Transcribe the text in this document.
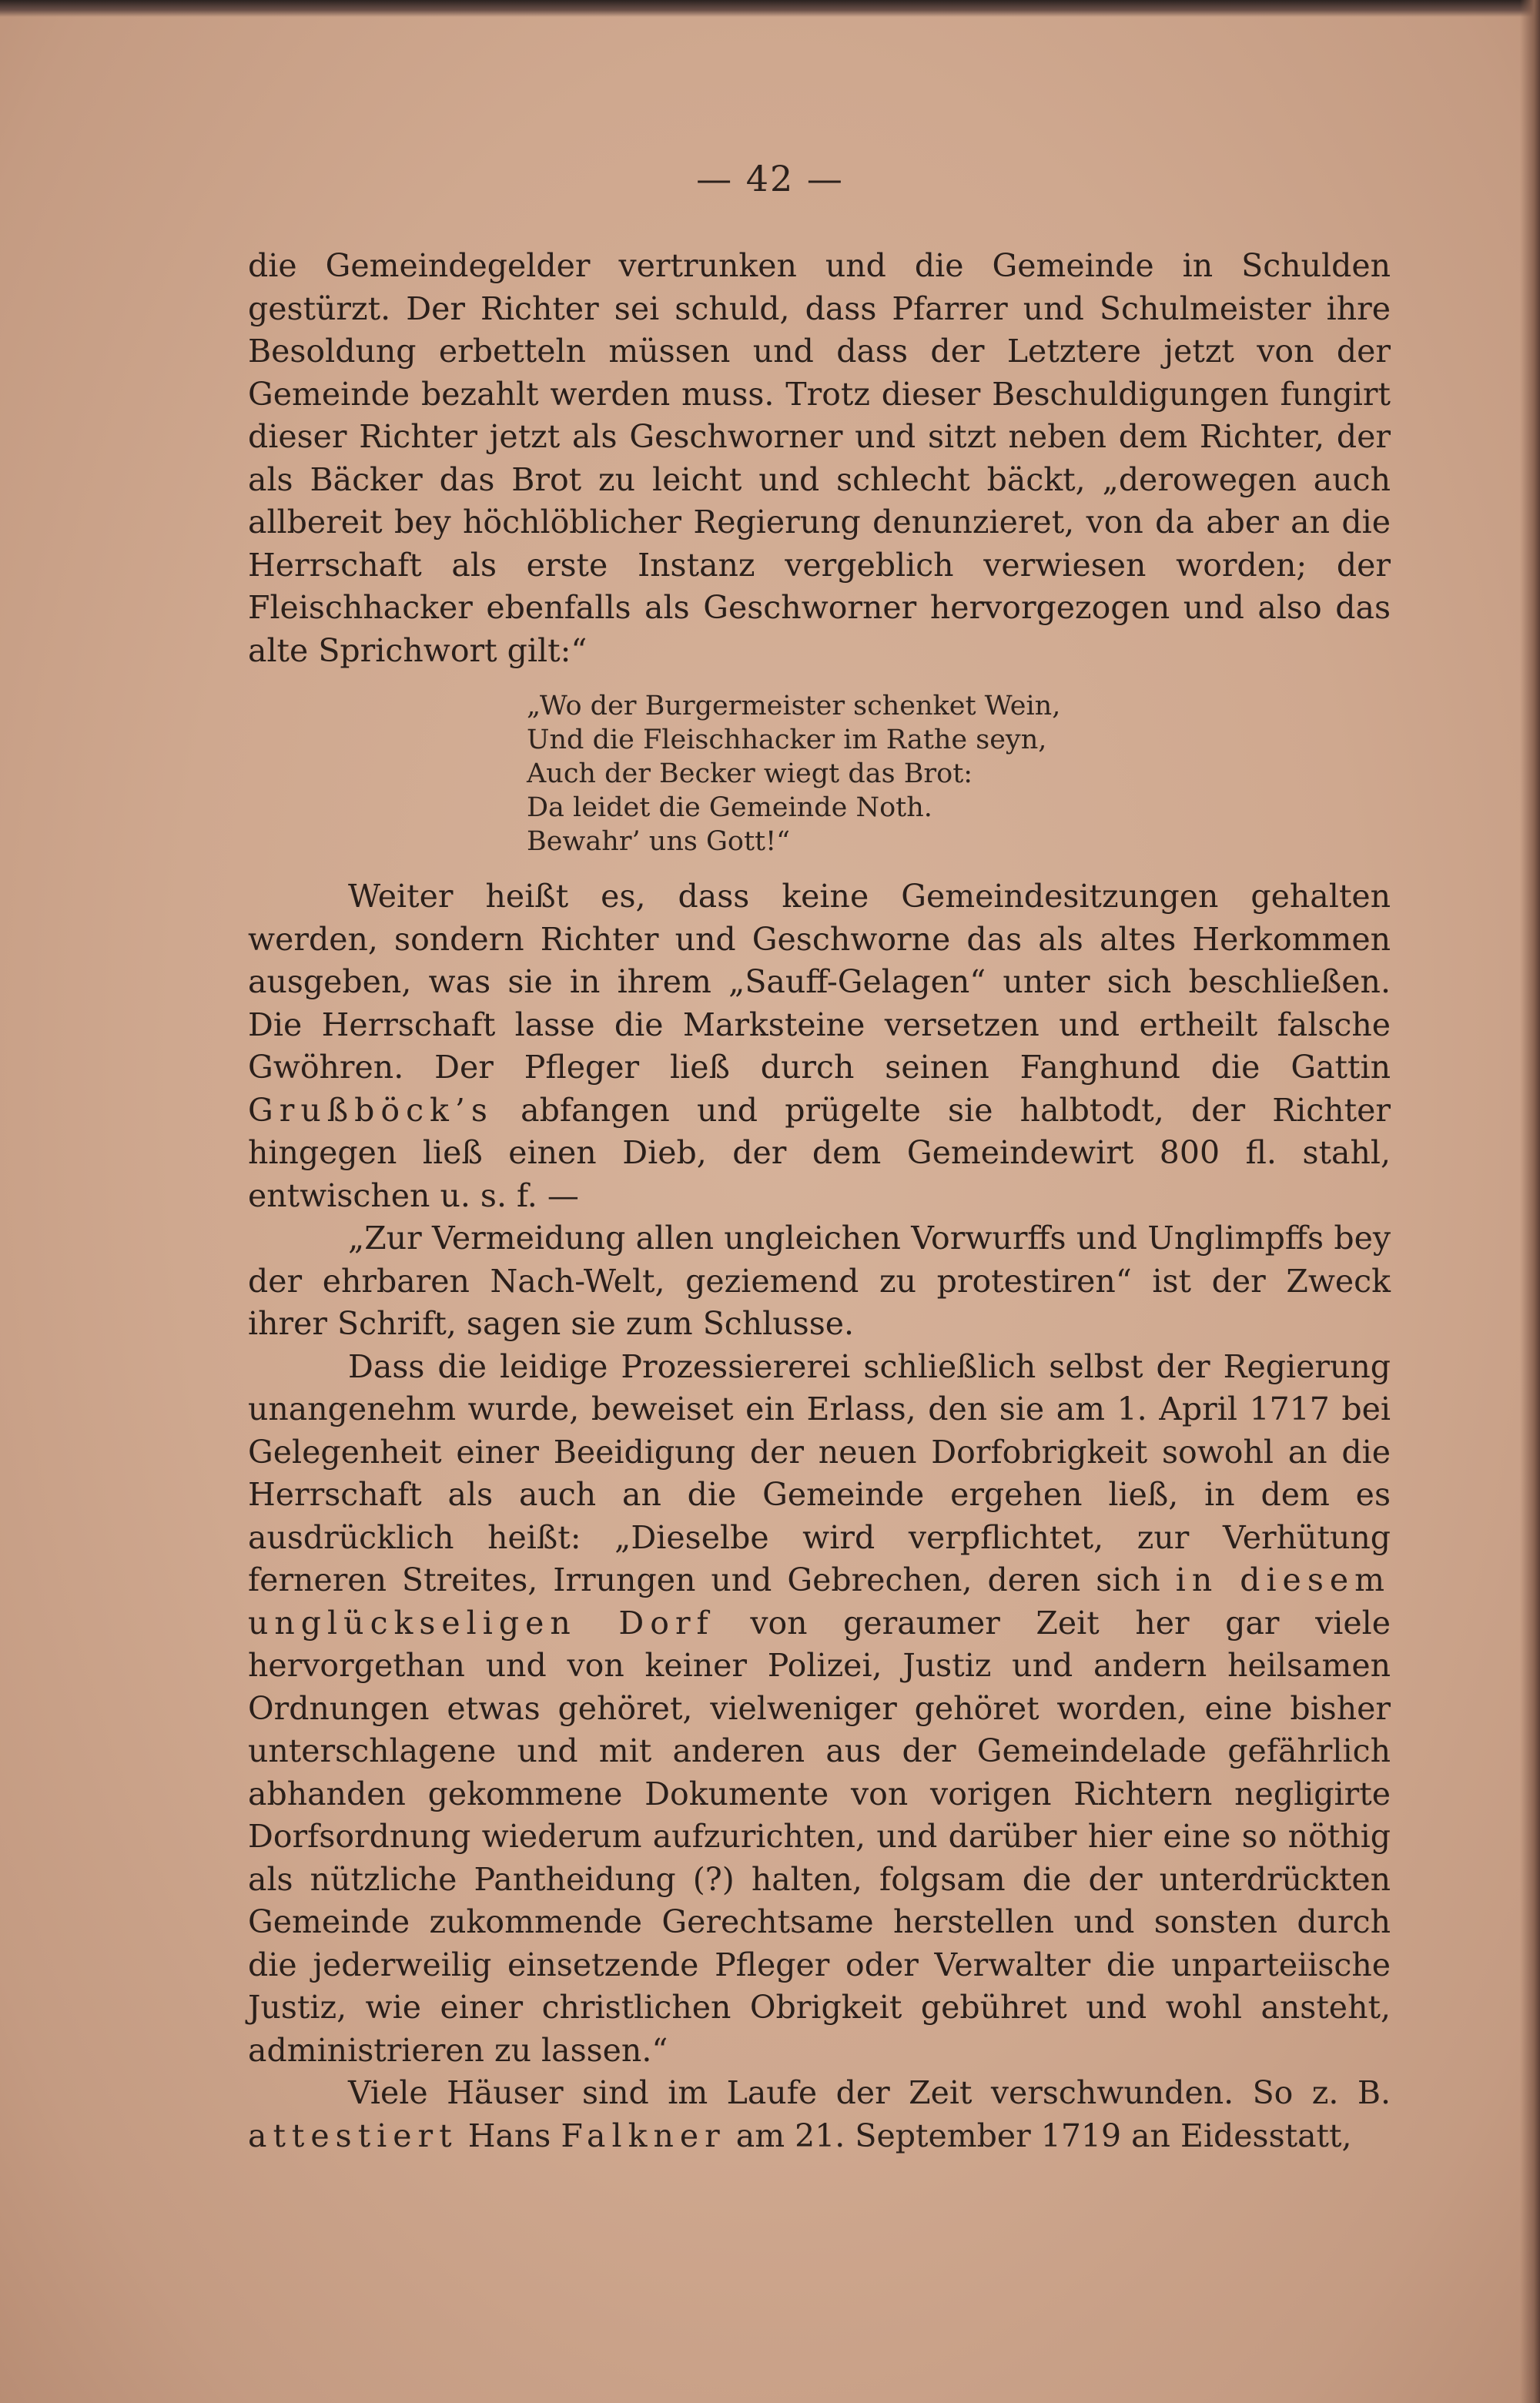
— 42 —

die Gemeindegelder vertrunken und die Gemeinde in Schulden gestürzt. Der Richter sei schuld, dass Pfarrer und Schulmeister ihre Besoldung erbetteln müssen und dass der Letztere jetzt von der Gemeinde bezahlt werden muss. Trotz dieser Beschuldigungen fungirt dieser Richter jetzt als Geschworner und sitzt neben dem Richter, der als Bäcker das Brot zu leicht und schlecht bäckt, „derowegen auch allbereit bey höchlöblicher Regierung denunzieret, von da aber an die Herrschaft als erste Instanz vergeblich verwiesen worden; der Fleischhacker ebenfalls als Geschworner hervorgezogen und also das alte Sprichwort gilt:“

„Wo der Burgermeister schenket Wein,
Und die Fleischhacker im Rathe seyn,
Auch der Becker wiegt das Brot:
Da leidet die Gemeinde Noth.
Bewahr’ uns Gott!“

Weiter heißt es, dass keine Gemeindesitzungen gehalten werden, sondern Richter und Geschworne das als altes Herkommen ausgeben, was sie in ihrem „Sauff-Gelagen“ unter sich beschließen. Die Herrschaft lasse die Marksteine versetzen und ertheilt falsche Gwöhren. Der Pfleger ließ durch seinen Fanghund die Gattin Grußböck’s abfangen und prügelte sie halbtodt, der Richter hingegen ließ einen Dieb, der dem Gemeindewirt 800 fl. stahl, entwischen u. s. f. —

„Zur Vermeidung allen ungleichen Vorwurffs und Unglimpffs bey der ehrbaren Nach-Welt, geziemend zu protestiren“ ist der Zweck ihrer Schrift, sagen sie zum Schlusse.

Dass die leidige Prozessiererei schließlich selbst der Regierung unangenehm wurde, beweiset ein Erlass, den sie am 1. April 1717 bei Gelegenheit einer Beeidigung der neuen Dorfobrigkeit sowohl an die Herrschaft als auch an die Gemeinde ergehen ließ, in dem es ausdrücklich heißt: „Dieselbe wird verpflichtet, zur Verhütung ferneren Streites, Irrungen und Gebrechen, deren sich in diesem unglückseligen Dorf von geraumer Zeit her gar viele hervorgethan und von keiner Polizei, Justiz und andern heilsamen Ordnungen etwas gehöret, vielweniger gehöret worden, eine bisher unterschlagene und mit anderen aus der Gemeindelade gefährlich abhanden gekommene Dokumente von vorigen Richtern negligirte Dorfsordnung wiederum aufzurichten, und darüber hier eine so nöthig als nützliche Pantheidung (?) halten, folgsam die der unterdrückten Gemeinde zukommende Gerechtsame herstellen und sonsten durch die jederweilig einsetzende Pfleger oder Verwalter die unparteiische Justiz, wie einer christlichen Obrigkeit gebühret und wohl ansteht, administrieren zu lassen.“

Viele Häuser sind im Laufe der Zeit verschwunden. So z. B. attestiert Hans Falkner am 21. September 1719 an Eidesstatt,
